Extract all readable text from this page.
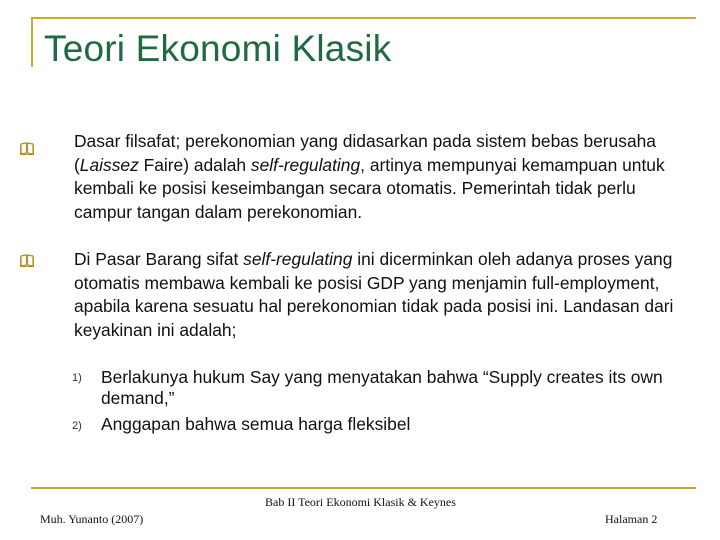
Teori Ekonomi Klasik
Dasar filsafat; perekonomian yang didasarkan pada sistem bebas berusaha (Laissez Faire) adalah self-regulating, artinya mempunyai kemampuan untuk kembali ke posisi keseimbangan secara otomatis. Pemerintah tidak perlu campur tangan dalam perekonomian.
Di Pasar Barang sifat self-regulating ini dicerminkan oleh adanya proses yang otomatis membawa kembali ke posisi GDP yang menjamin full-employment, apabila karena sesuatu hal perekonomian tidak pada posisi ini. Landasan dari keyakinan ini adalah;
1) Berlakunya hukum Say yang menyatakan bahwa “Supply creates its own demand,”
2) Anggapan bahwa semua harga fleksibel
Bab II Teori Ekonomi Klasik & Keynes
Muh. Yunanto (2007)	Halaman 2
